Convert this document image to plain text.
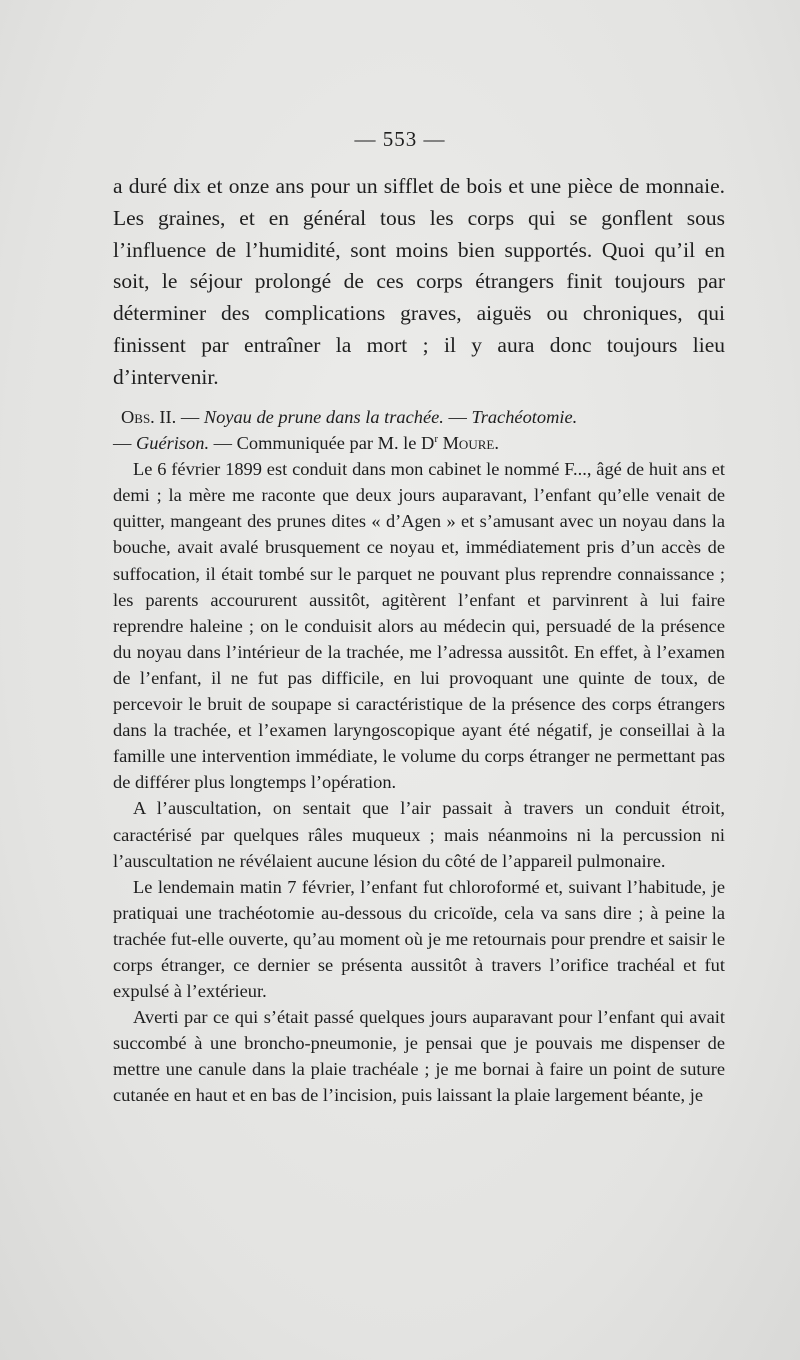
— 553 —

a duré dix et onze ans pour un sifflet de bois et une pièce de monnaie. Les graines, et en général tous les corps qui se gonflent sous l’influence de l’humidité, sont moins bien supportés. Quoi qu’il en soit, le séjour prolongé de ces corps étrangers finit toujours par déterminer des complications graves, aiguës ou chroniques, qui finissent par entraîner la mort ; il y aura donc toujours lieu d’intervenir.

Obs. II. — Noyau de prune dans la trachée. — Trachéotomie.
— Guérison. — Communiquée par M. le $D^r$ Moure.

Le 6 février 1899 est conduit dans mon cabinet le nommé F..., âgé de huit ans et demi ; la mère me raconte que deux jours auparavant, l’enfant qu’elle venait de quitter, mangeant des prunes dites « d’Agen » et s’amusant avec un noyau dans la bouche, avait avalé brusquement ce noyau et, immédiatement pris d’un accès de suffocation, il était tombé sur le parquet ne pouvant plus reprendre connaissance ; les parents accoururent aussitôt, agitèrent l’enfant et parvinrent à lui faire reprendre haleine ; on le conduisit alors au médecin qui, persuadé de la présence du noyau dans l’intérieur de la trachée, me l’adressa aussitôt. En effet, à l’examen de l’enfant, il ne fut pas difficile, en lui provoquant une quinte de toux, de percevoir le bruit de soupape si caractéristique de la présence des corps étrangers dans la trachée, et l’examen laryngoscopique ayant été négatif, je conseillai à la famille une intervention immédiate, le volume du corps étranger ne permettant pas de différer plus longtemps l’opération.

A l’auscultation, on sentait que l’air passait à travers un conduit étroit, caractérisé par quelques râles muqueux ; mais néanmoins ni la percussion ni l’auscultation ne révélaient aucune lésion du côté de l’appareil pulmonaire.

Le lendemain matin 7 février, l’enfant fut chloroformé et, suivant l’habitude, je pratiquai une trachéotomie au-dessous du cricoïde, cela va sans dire ; à peine la trachée fut-elle ouverte, qu’au moment où je me retournais pour prendre et saisir le corps étranger, ce dernier se présenta aussitôt à travers l’orifice trachéal et fut expulsé à l’extérieur.

Averti par ce qui s’était passé quelques jours auparavant pour l’enfant qui avait succombé à une broncho-pneumonie, je pensai que je pouvais me dispenser de mettre une canule dans la plaie trachéale ; je me bornai à faire un point de suture cutanée en haut et en bas de l’incision, puis laissant la plaie largement béante, je
